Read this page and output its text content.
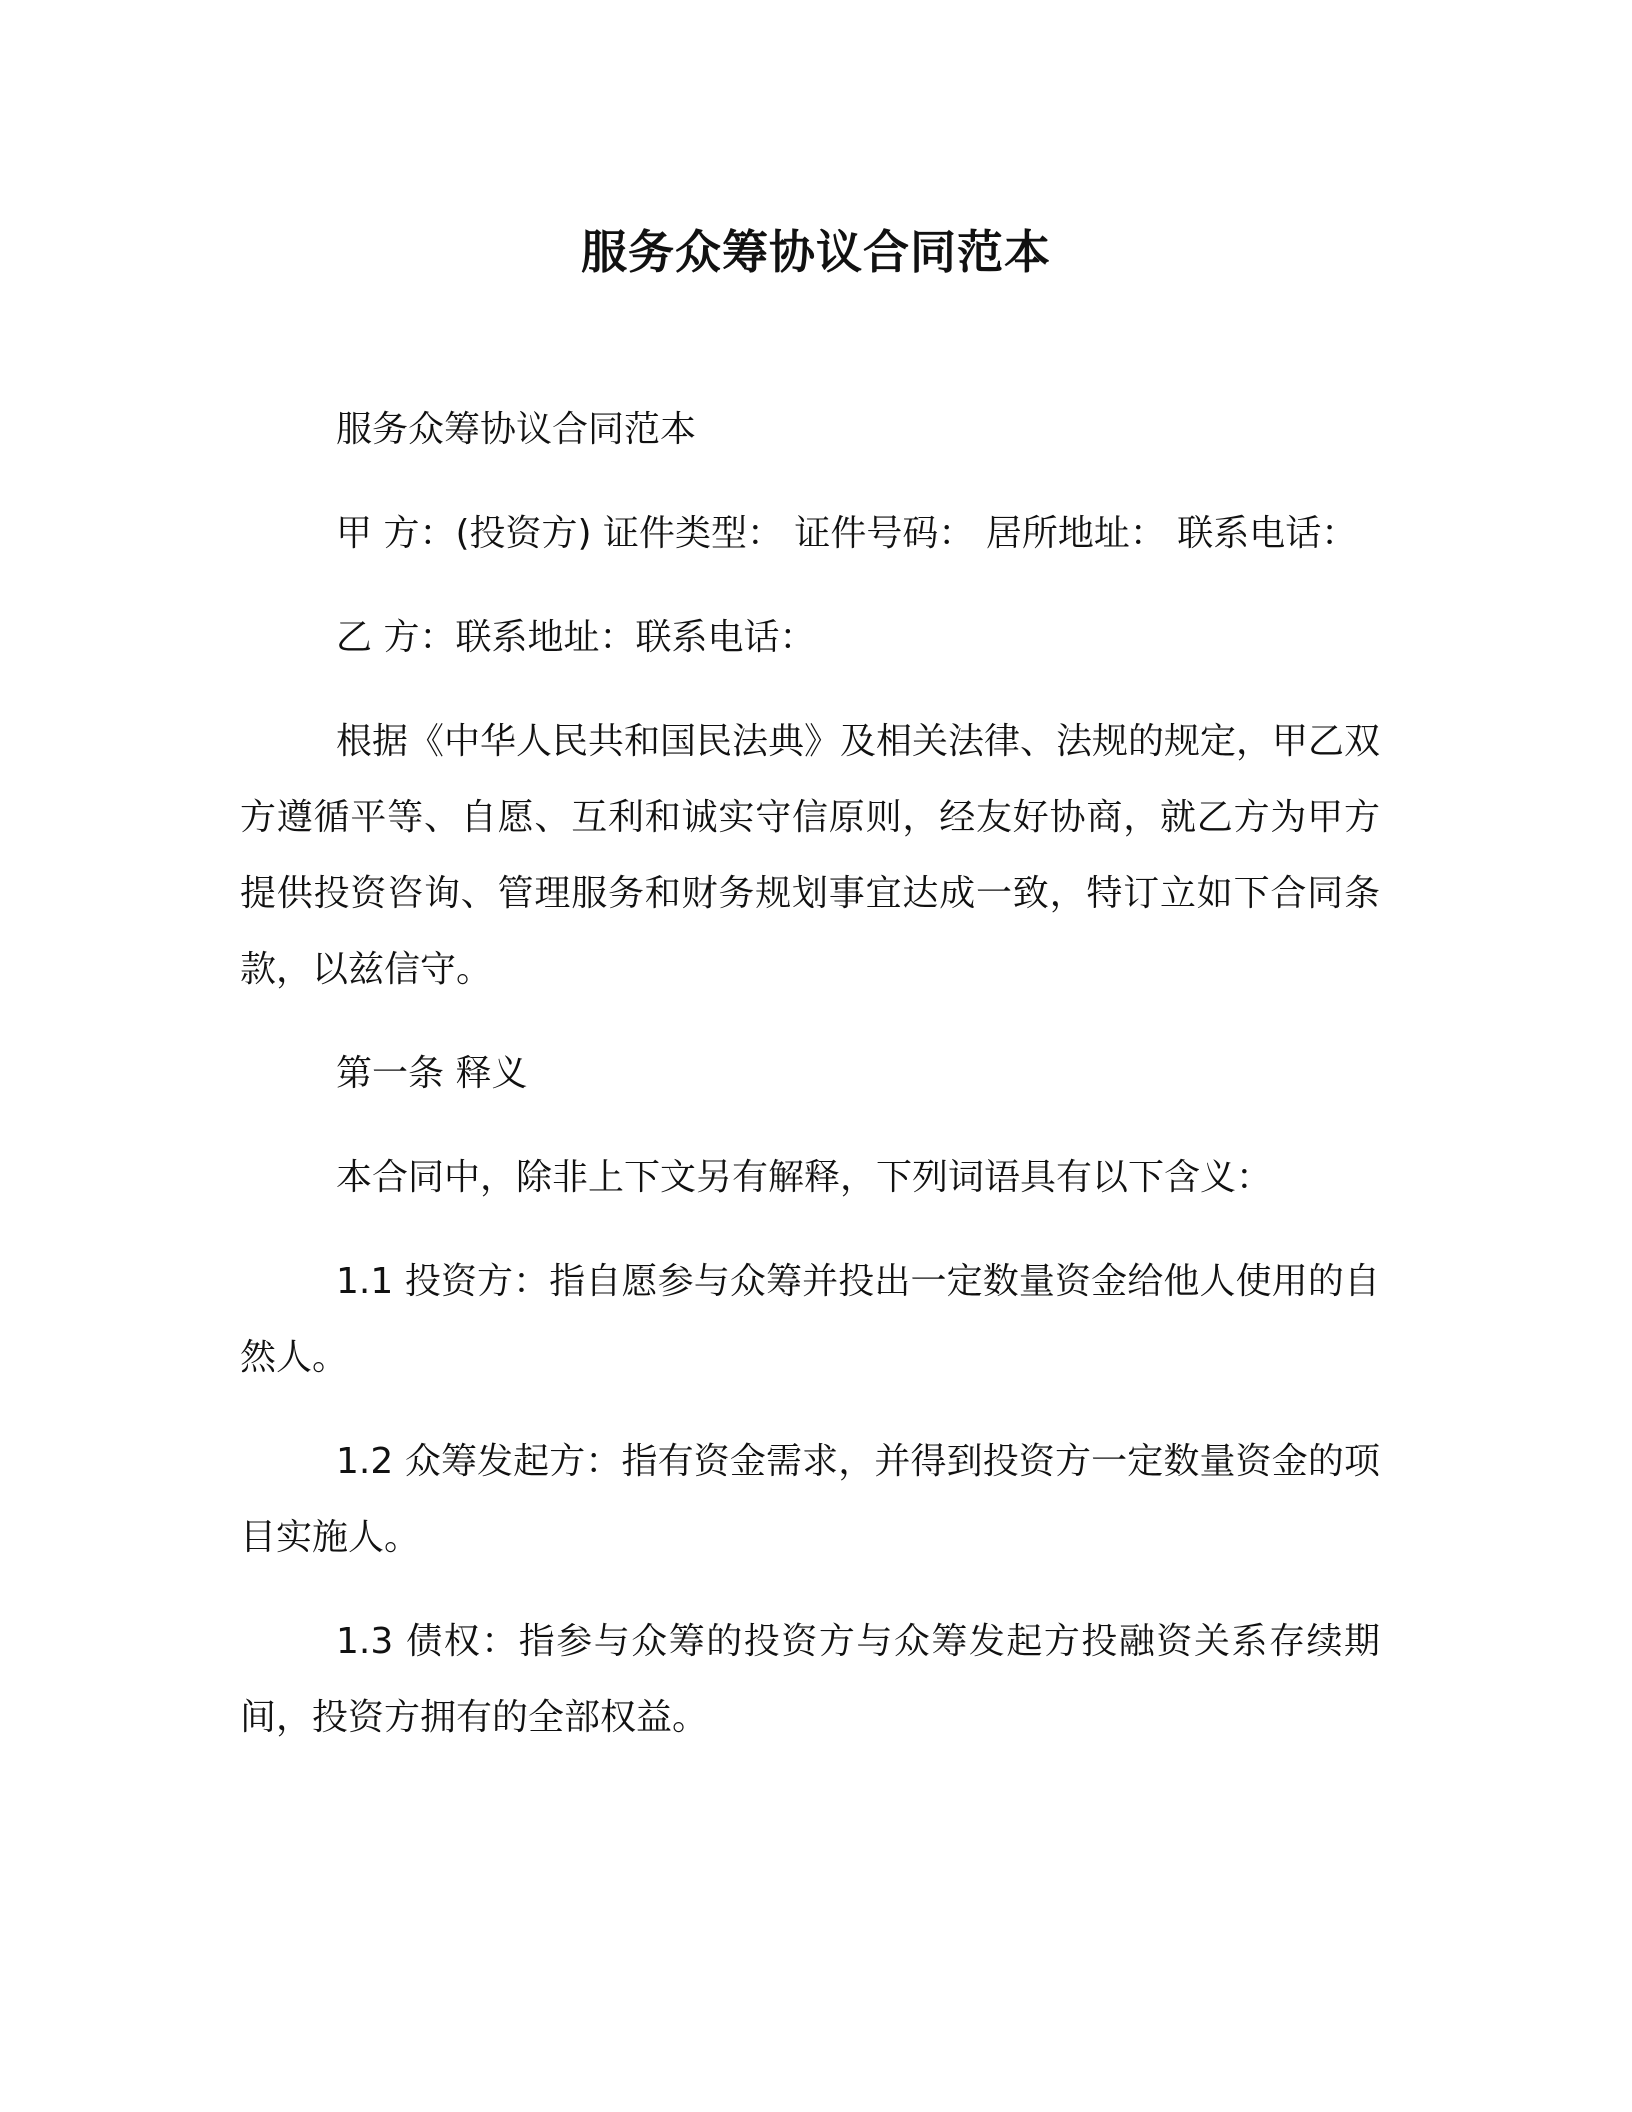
服务众筹协议合同范本

服务众筹协议合同范本

甲 方：(投资方) 证件类型： 证件号码： 居所地址： 联系电话：

乙 方：联系地址：联系电话：

根据《中华人民共和国民法典》及相关法律、法规的规定，甲乙双方遵循平等、自愿、互利和诚实守信原则，经友好协商，就乙方为甲方提供投资咨询、管理服务和财务规划事宜达成一致，特订立如下合同条款，以兹信守。

第一条 释义

本合同中，除非上下文另有解释，下列词语具有以下含义：

1.1 投资方：指自愿参与众筹并投出一定数量资金给他人使用的自然人。

1.2 众筹发起方：指有资金需求，并得到投资方一定数量资金的项目实施人。

1.3 债权：指参与众筹的投资方与众筹发起方投融资关系存续期间，投资方拥有的全部权益。
